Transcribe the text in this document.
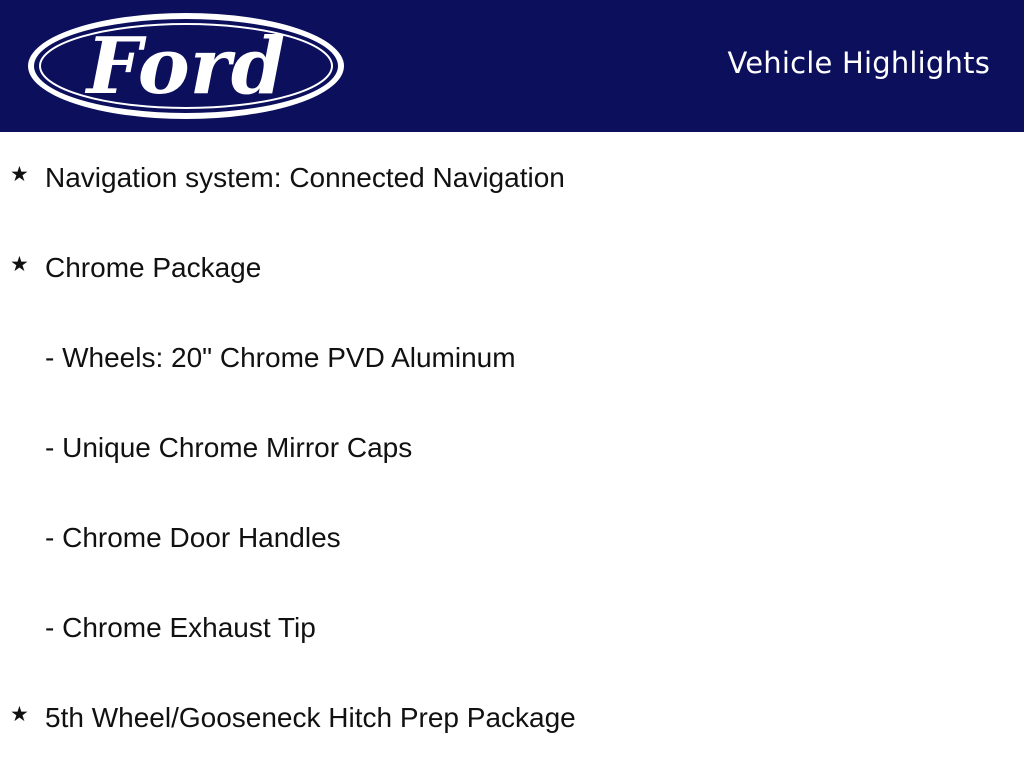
Ford	Vehicle Highlights
★ Navigation system: Connected Navigation
★ Chrome Package
- Wheels: 20" Chrome PVD Aluminum
- Unique Chrome Mirror Caps
- Chrome Door Handles
- Chrome Exhaust Tip
★ 5th Wheel/Gooseneck Hitch Prep Package
